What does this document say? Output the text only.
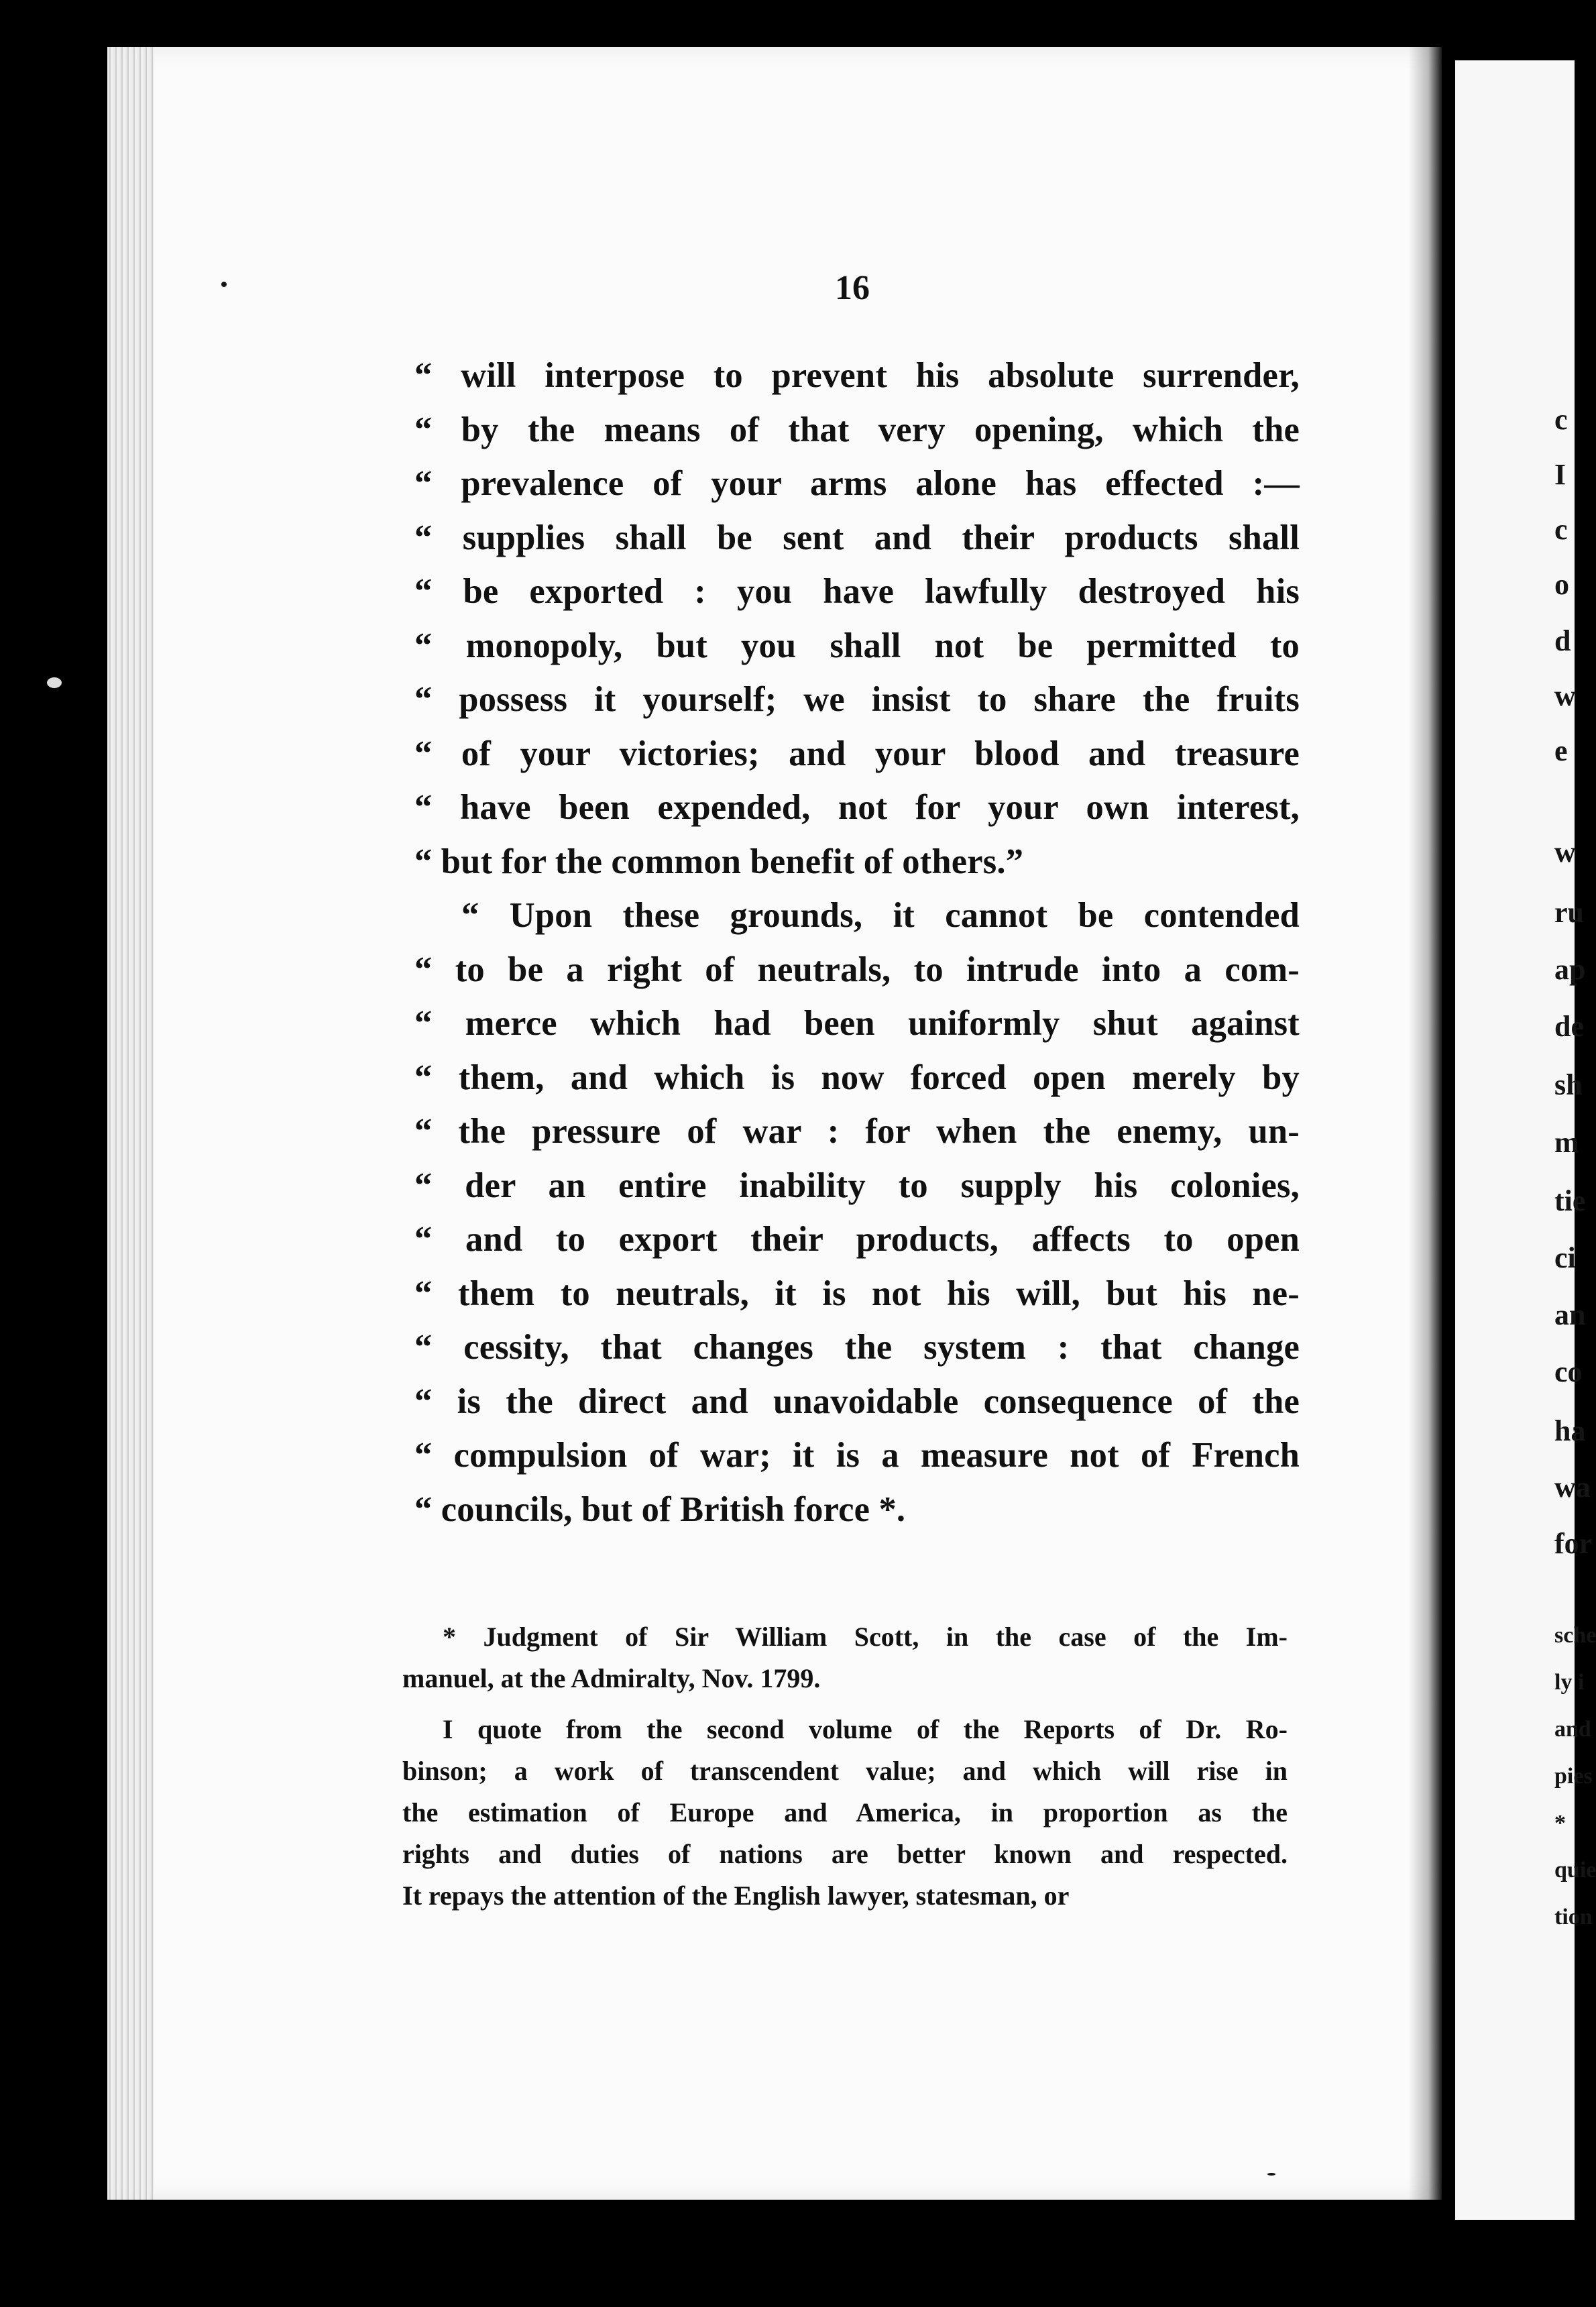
c
I
c
o
d
w
e
w
ru
ap
de
sh
m
tie
ci
an
co
ha
wa
for
sche
ly i
and
pies
*
quie
tion
16
“ will interpose to prevent his absolute surrender,
“ by the means of that very opening, which the
“ prevalence of your arms alone has effected :—
“ supplies shall be sent and their products shall
“ be exported : you have lawfully destroyed his
“ monopoly, but you shall not be permitted to
“ possess it yourself; we insist to share the fruits
“ of your victories; and your blood and treasure
“ have been expended, not for your own interest,
“ but for the common benefit of others.”
“ Upon these grounds, it cannot be contended
“ to be a right of neutrals, to intrude into a com-
“ merce which had been uniformly shut against
“ them, and which is now forced open merely by
“ the pressure of war : for when the enemy, un-
“ der an entire inability to supply his colonies,
“ and to export their products, affects to open
“ them to neutrals, it is not his will, but his ne-
“ cessity, that changes the system : that change
“ is the direct and unavoidable consequence of the
“ compulsion of war; it is a measure not of French
“ councils, but of British force *.
* Judgment of Sir William Scott, in the case of the Im-
manuel, at the Admiralty, Nov. 1799.
I quote from the second volume of the Reports of Dr. Ro-
binson; a work of transcendent value; and which will rise in
the estimation of Europe and America, in proportion as the
rights and duties of nations are better known and respected.
It repays the attention of the English lawyer, statesman, or
